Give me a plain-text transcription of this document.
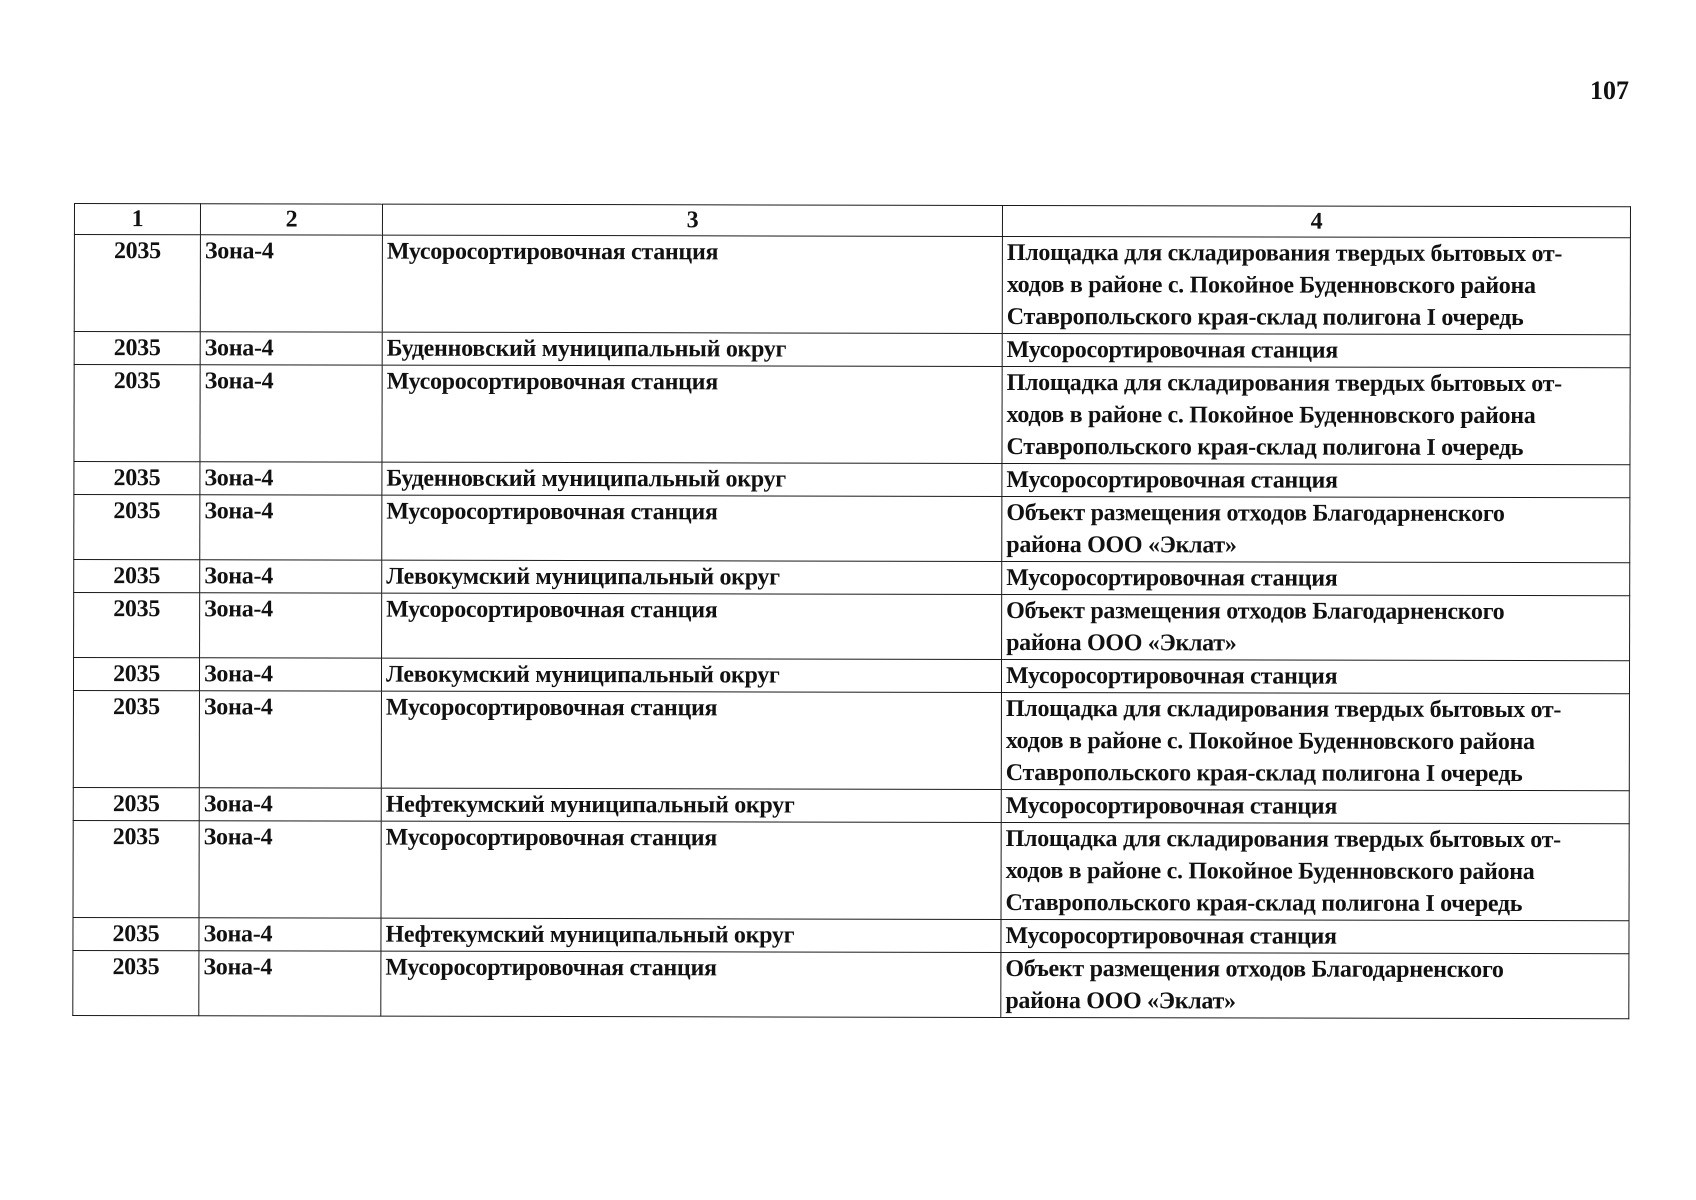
107
1	2	3	4
2035	Зона-4	Мусоросортировочная станция	Площадка для складирования твердых бытовых от-
ходов в районе с. Покойное Буденновского района
Ставропольского края-склад полигона I очередь

2035	Зона-4	Буденновский муниципальный округ	Мусоросортировочная станция

2035	Зона-4	Мусоросортировочная станция	Площадка для складирования твердых бытовых от-
ходов в районе с. Покойное Буденновского района
Ставропольского края-склад полигона I очередь

2035	Зона-4	Буденновский муниципальный округ	Мусоросортировочная станция

2035	Зона-4	Мусоросортировочная станция	Объект размещения отходов Благодарненского
района ООО «Эклат»

2035	Зона-4	Левокумский муниципальный округ	Мусоросортировочная станция

2035	Зона-4	Мусоросортировочная станция	Объект размещения отходов Благодарненского
района ООО «Эклат»

2035	Зона-4	Левокумский муниципальный округ	Мусоросортировочная станция

2035	Зона-4	Мусоросортировочная станция	Площадка для складирования твердых бытовых от-
ходов в районе с. Покойное Буденновского района
Ставропольского края-склад полигона I очередь

2035	Зона-4	Нефтекумский муниципальный округ	Мусоросортировочная станция

2035	Зона-4	Мусоросортировочная станция	Площадка для складирования твердых бытовых от-
ходов в районе с. Покойное Буденновского района
Ставропольского края-склад полигона I очередь

2035	Зона-4	Нефтекумский муниципальный округ	Мусоросортировочная станция

2035	Зона-4	Мусоросортировочная станция	Объект размещения отходов Благодарненского
района ООО «Эклат»
